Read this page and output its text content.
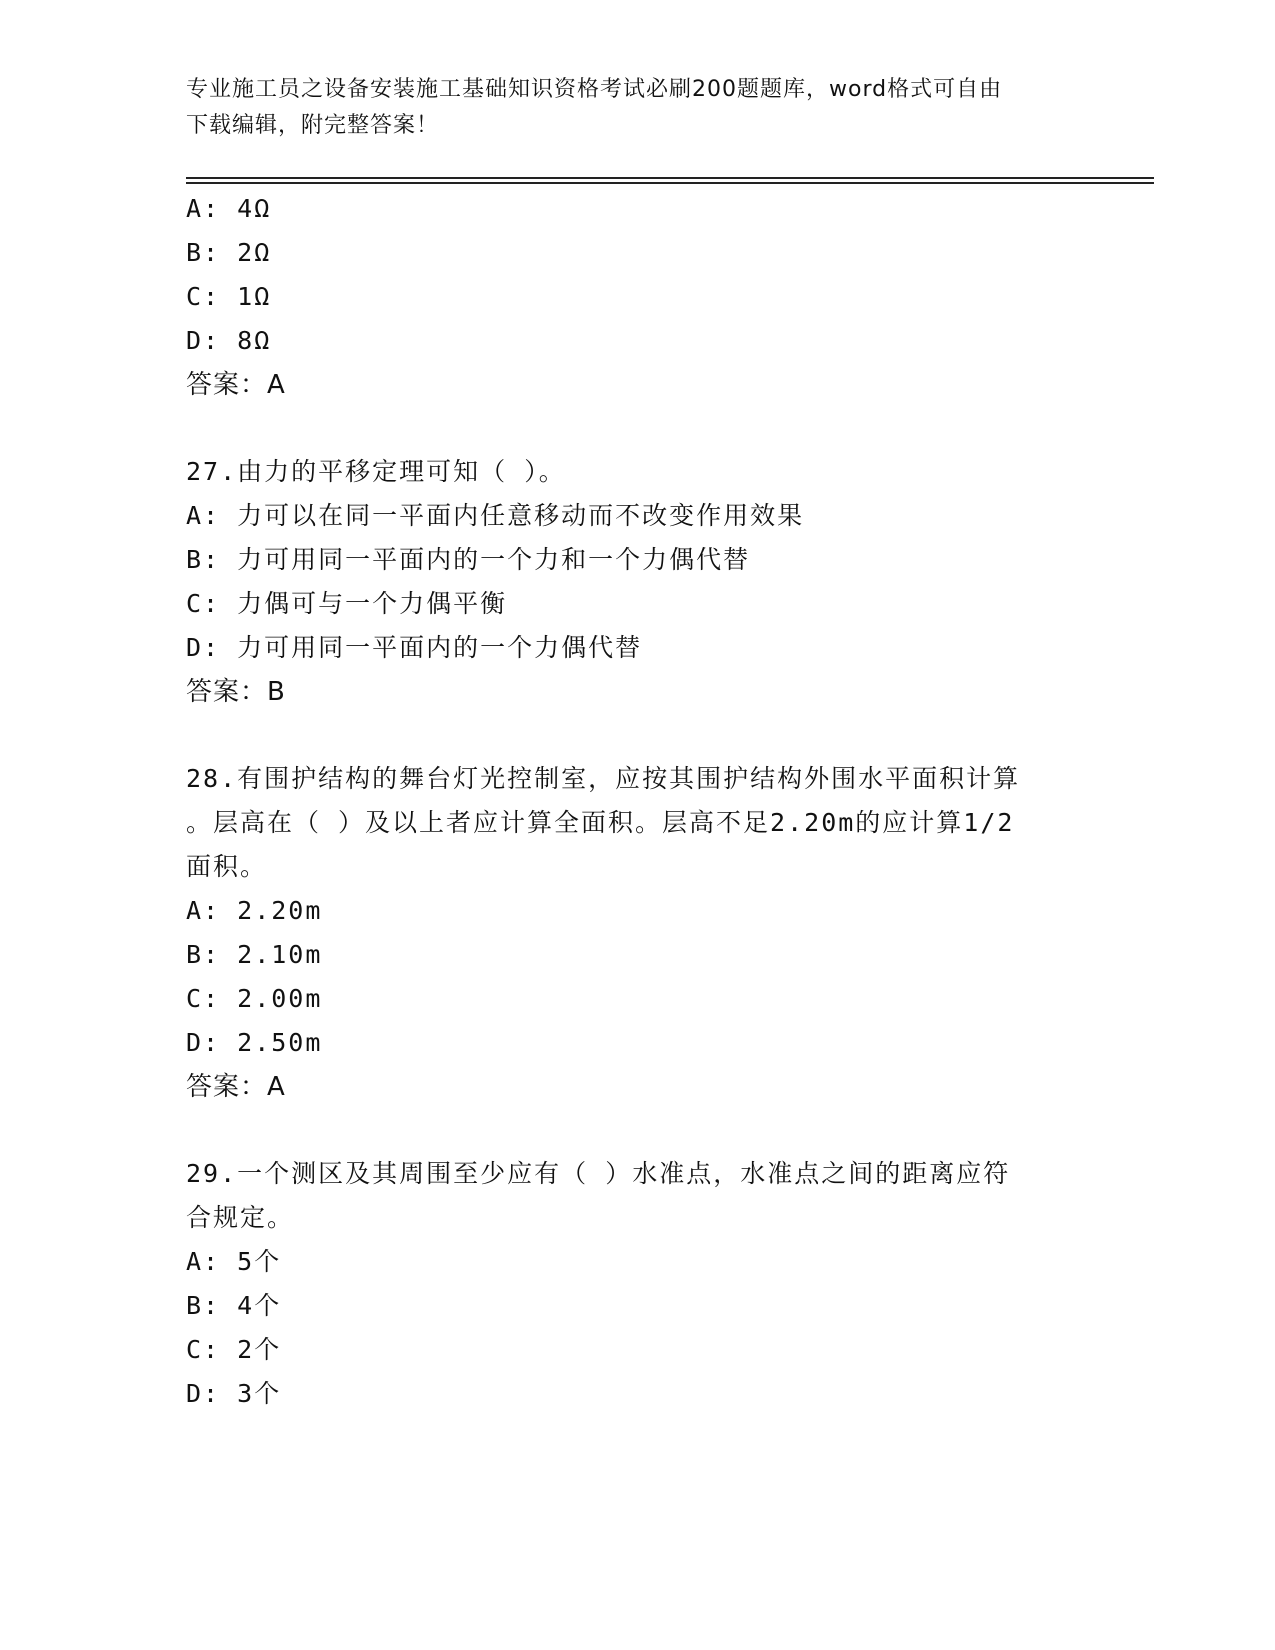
专业施工员之设备安装施工基础知识资格考试必刷200题题库，word格式可自由
下载编辑，附完整答案！
A: 4Ω
B: 2Ω
C: 1Ω
D: 8Ω
答案：A
27.由力的平移定理可知（ ）。
A: 力可以在同一平面内任意移动而不改变作用效果
B: 力可用同一平面内的一个力和一个力偶代替
C: 力偶可与一个力偶平衡
D: 力可用同一平面内的一个力偶代替
答案：B
28.有围护结构的舞台灯光控制室，应按其围护结构外围水平面积计算
。层高在（ ）及以上者应计算全面积。层高不足2.20m的应计算1/2
面积。
A: 2.20m
B: 2.10m
C: 2.00m
D: 2.50m
答案：A
29.一个测区及其周围至少应有（ ）水准点，水准点之间的距离应符
合规定。
A: 5个
B: 4个
C: 2个
D: 3个
